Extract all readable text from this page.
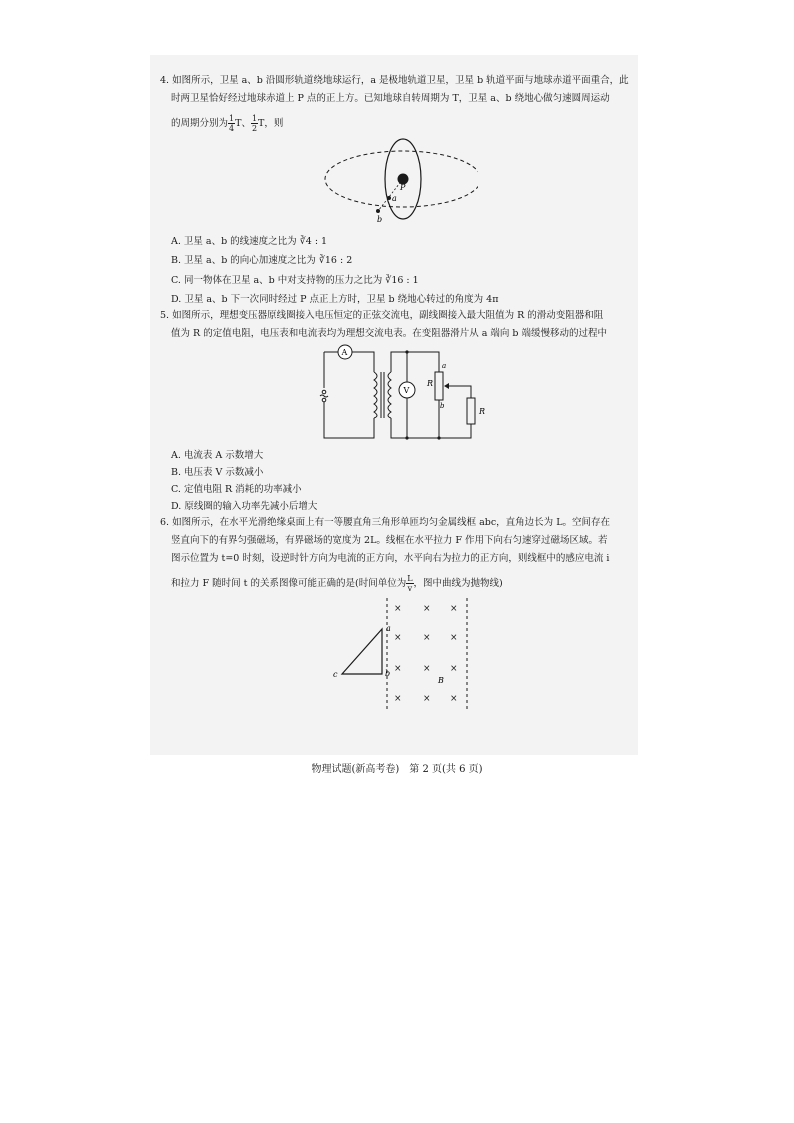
4. 如图所示，卫星 a、b 沿圆形轨道绕地球运行，a 是极地轨道卫星，卫星 b 轨道平面与地球赤道平面重合，此
时两卫星恰好经过地球赤道上 P 点的正上方。已知地球自转周期为 T，卫星 a、b 绕地心做匀速圆周运动
的周期分别为 $\frac{1}{4}$ T、 $\frac{1}{2}$ T，则
P
a
b
A. 卫星 a、b 的线速度之比为 ∛4 : 1
B. 卫星 a、b 的向心加速度之比为 ∛16 : 2
C. 同一物体在卫星 a、b 中对支持物的压力之比为 ∛16 : 1
D. 卫星 a、b 下一次同时经过 P 点正上方时，卫星 b 绕地心转过的角度为 4π
5. 如图所示，理想变压器原线圈接入电压恒定的正弦交流电，副线圈接入最大阻值为 R 的滑动变阻器和阻
值为 R 的定值电阻，电压表和电流表均为理想交流电表。在变阻器滑片从 a 端向 b 端缓慢移动的过程中
A
V
R
a
b
R
A. 电流表 A 示数增大
B. 电压表 V 示数减小
C. 定值电阻 R 消耗的功率减小
D. 原线圈的输入功率先减小后增大
6. 如图所示，在水平光滑绝缘桌面上有一等腰直角三角形单匝均匀金属线框 abc，直角边长为 L。空间存在
竖直向下的有界匀强磁场，有界磁场的宽度为 2L。线框在水平拉力 F 作用下向右匀速穿过磁场区域。若
图示位置为 t=0 时刻，设逆时针方向为电流的正方向，水平向右为拉力的正方向，则线框中的感应电流 i
和拉力 F 随时间 t 的关系图像可能正确的是(时间单位为 $\frac{L}{v}$ ，图中曲线为抛物线)
a
b
c
× × ×
× × ×
× × ×
× × ×
B
物理试题(新高考卷)　第 2 页(共 6 页)
